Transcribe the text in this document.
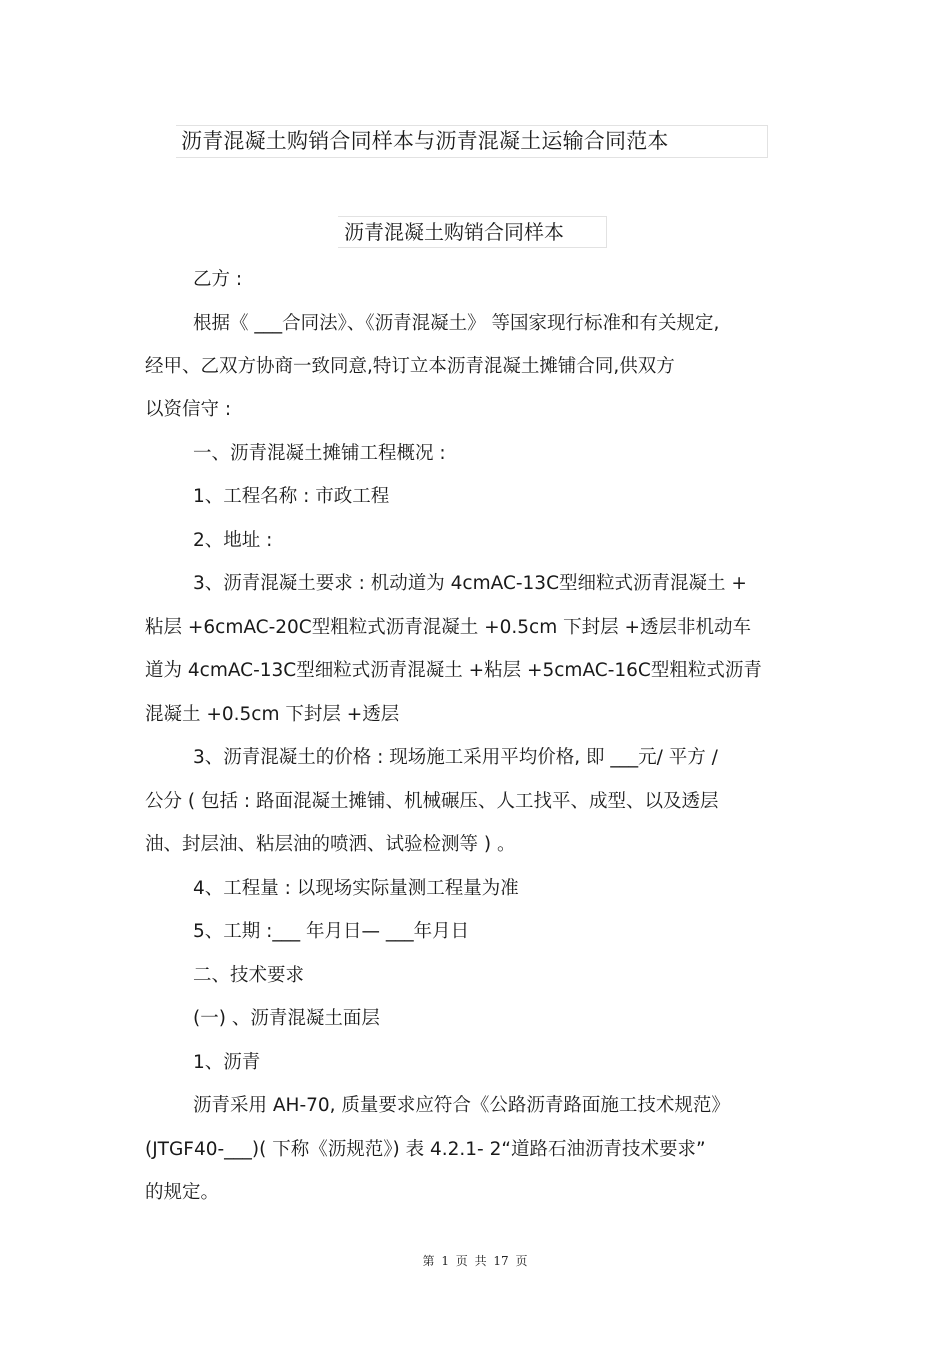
沥青混凝土购销合同样本与沥青混凝土运输合同范本
沥青混凝土购销合同样本
乙方 :
根据《 ___合同法》、《沥青混凝土》 等国家现行标准和有关规定,
经甲、乙双方协商一致同意,特订立本沥青混凝土摊铺合同,供双方
以资信守 :
一、沥青混凝土摊铺工程概况 :
1、工程名称 : 市政工程
2、地址 :
3、沥青混凝土要求 : 机动道为 4cmAC-13C型细粒式沥青混凝土 +
粘层 +6cmAC-20C型粗粒式沥青混凝土 +0.5cm 下封层 +透层非机动车
道为 4cmAC-13C型细粒式沥青混凝土 +粘层 +5cmAC-16C型粗粒式沥青
混凝土 +0.5cm 下封层 +透层
3、沥青混凝土的价格 : 现场施工采用平均价格, 即 ___元/ 平方 /
公分 ( 包括 : 路面混凝土摊铺、机械碾压、人工找平、成型、以及透层
油、封层油、粘层油的喷洒、试验检测等 ) 。
4、工程量 : 以现场实际量测工程量为准
5、工期 :___ 年月日— ___年月日
二、技术要求
(一) 、沥青混凝土面层
1、沥青
沥青采用 AH-70, 质量要求应符合《公路沥青路面施工技术规范》
(JTGF40-___)( 下称《沥规范》) 表 4.2.1- 2“道路石油沥青技术要求”
的规定。
第 1 页 共 17 页
